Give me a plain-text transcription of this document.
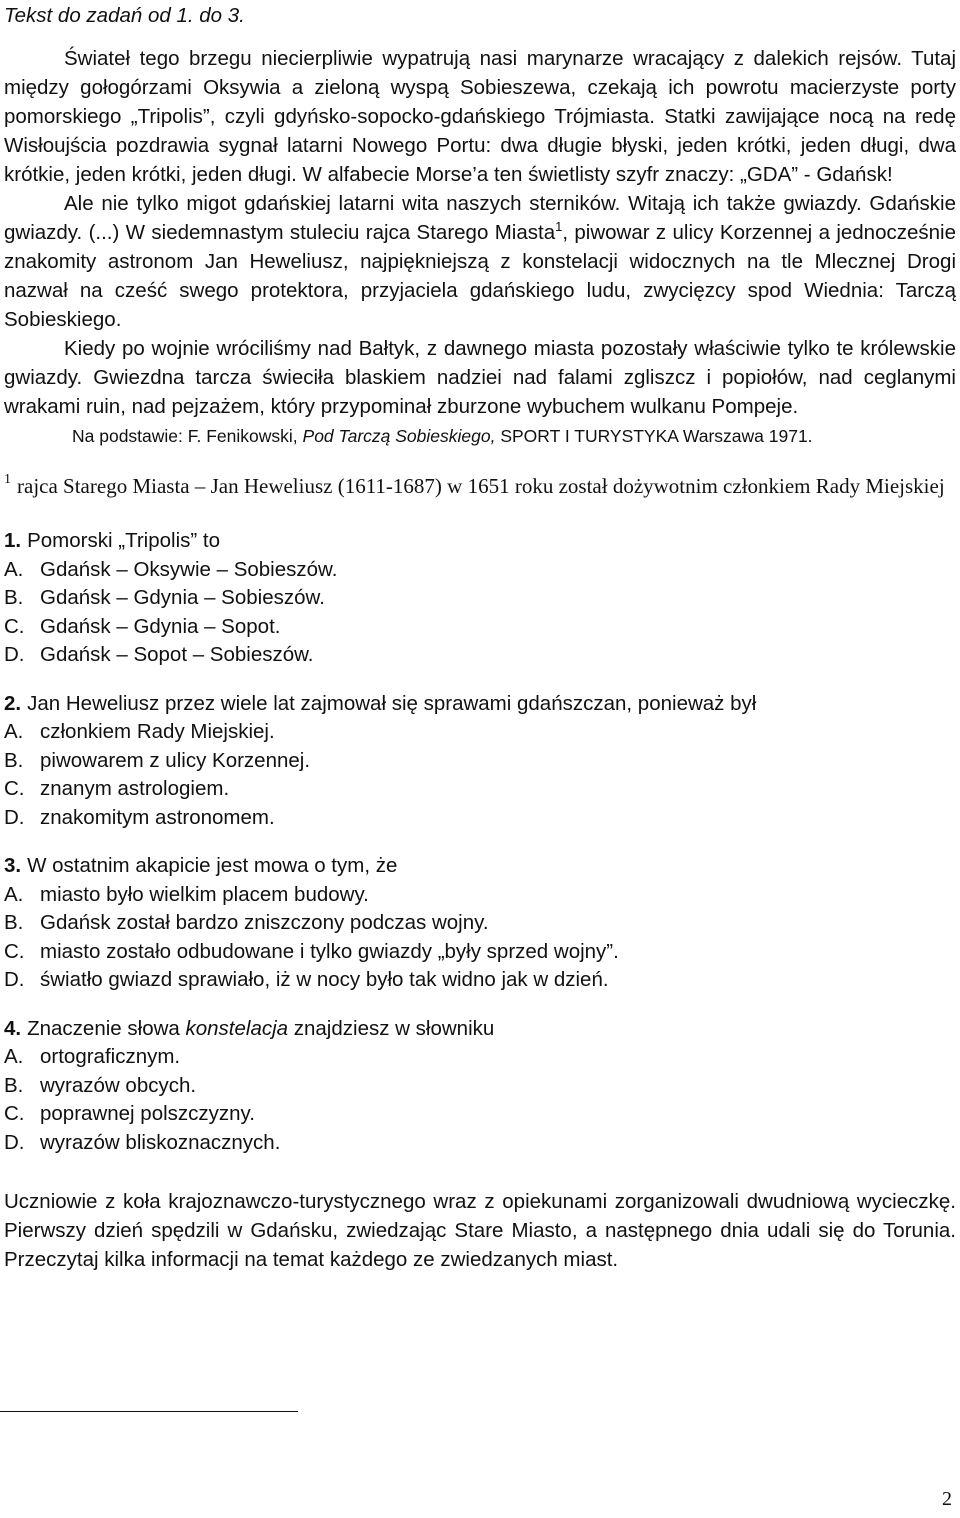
Tekst do zadań od 1. do 3.

Świateł tego brzegu niecierpliwie wypatrują nasi marynarze wracający z dalekich rejsów. Tutaj między gołogórzami Oksywia a zieloną wyspą Sobieszewa, czekają ich powrotu macierzyste porty pomorskiego „Tripolis”, czyli gdyńsko-sopocko-gdańskiego Trójmiasta. Statki zawijające nocą na redę Wisłoujścia pozdrawia sygnał latarni Nowego Portu: dwa długie błyski, jeden krótki, jeden długi, dwa krótkie, jeden krótki, jeden długi. W alfabecie Morse’a ten świetlisty szyfr znaczy: „GDA” - Gdańsk!

Ale nie tylko migot gdańskiej latarni wita naszych sterników. Witają ich także gwiazdy. Gdańskie gwiazdy. (...) W siedemnastym stuleciu rajca Starego Miasta$^1$, piwowar z ulicy Korzennej a jednocześnie znakomity astronom Jan Heweliusz, najpiękniejszą z konstelacji widocznych na tle Mlecznej Drogi nazwał na cześć swego protektora, przyjaciela gdańskiego ludu, zwycięzcy spod Wiednia: Tarczą Sobieskiego.

Kiedy po wojnie wróciliśmy nad Bałtyk, z dawnego miasta pozostały właściwie tylko te królewskie gwiazdy. Gwiezdna tarcza świeciła blaskiem nadziei nad falami zgliszcz i popiołów, nad ceglanymi wrakami ruin, nad pejzażem, który przypominał zburzone wybuchem wulkanu Pompeje.

Na podstawie: F. Fenikowski, Pod Tarczą Sobieskiego, SPORT I TURYSTYKA Warszawa 1971.

$^1$ rajca Starego Miasta – Jan Heweliusz (1611-1687) w 1651 roku został dożywotnim członkiem Rady Miejskiej

1. Pomorski „Tripolis” to

A. Gdańsk – Oksywie – Sobieszów.

B. Gdańsk – Gdynia – Sobieszów.

C. Gdańsk – Gdynia – Sopot.

D. Gdańsk – Sopot – Sobieszów.

2. Jan Heweliusz przez wiele lat zajmował się sprawami gdańszczan, ponieważ był

A. członkiem Rady Miejskiej.

B. piwowarem z ulicy Korzennej.

C. znanym astrologiem.

D. znakomitym astronomem.

3. W ostatnim akapicie jest mowa o tym, że

A. miasto było wielkim placem budowy.

B. Gdańsk został bardzo zniszczony podczas wojny.

C. miasto zostało odbudowane i tylko gwiazdy „były sprzed wojny”.

D. światło gwiazd sprawiało, iż w nocy było tak widno jak w dzień.

4. Znaczenie słowa konstelacja znajdziesz w słowniku

A. ortograficznym.

B. wyrazów obcych.

C. poprawnej polszczyzny.

D. wyrazów bliskoznacznych.

Uczniowie z koła krajoznawczo-turystycznego wraz z opiekunami zorganizowali dwudniową wycieczkę. Pierwszy dzień spędzili w Gdańsku, zwiedzając Stare Miasto, a następnego dnia udali się do Torunia. Przeczytaj kilka informacji na temat każdego ze zwiedzanych miast.

2
